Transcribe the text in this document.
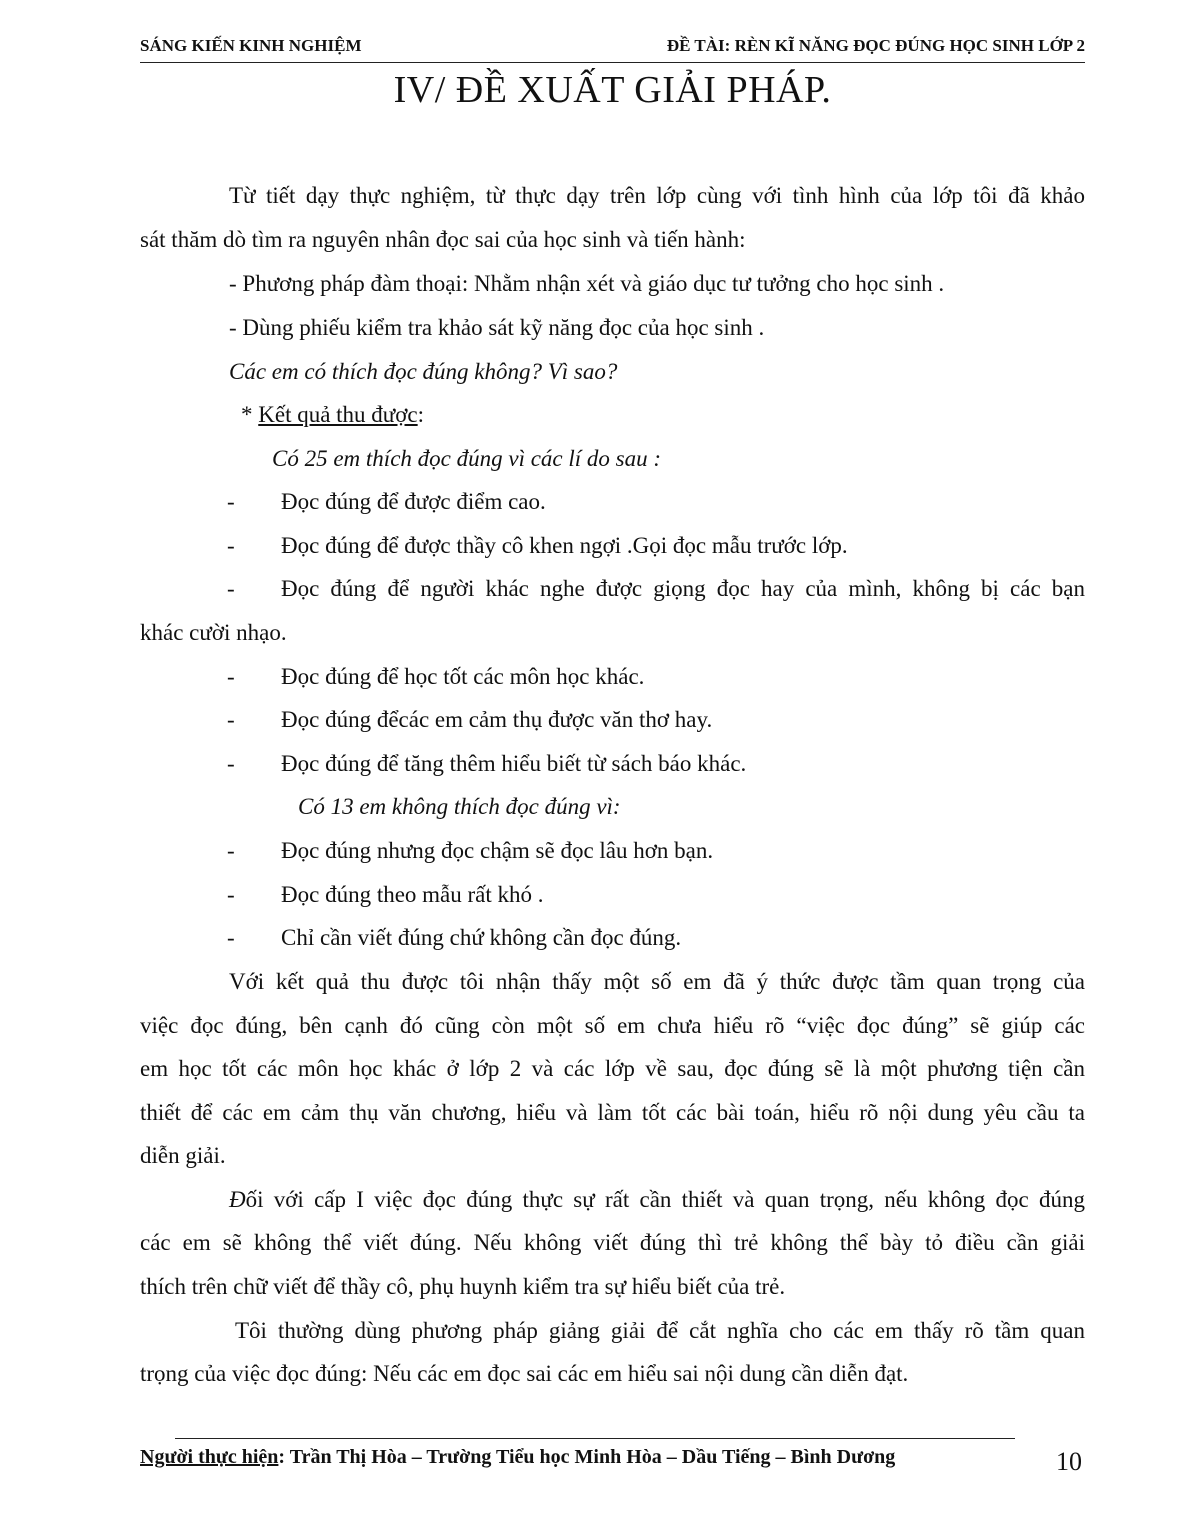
SÁNG KIẾN KINH NGHIỆM	ĐỀ TÀI: RÈN KĨ NĂNG ĐỌC ĐÚNG HỌC SINH LỚP 2
IV/ ĐỀ XUẤT GIẢI PHÁP.
Từ tiết dạy thực nghiệm, từ thực dạy trên lớp cùng với tình hình của lớp tôi đã khảo
sát thăm dò tìm ra nguyên nhân đọc sai của học sinh và tiến hành:
- Phương pháp đàm thoại: Nhằm nhận xét và giáo dục tư tưởng cho học sinh .
- Dùng phiếu kiểm tra khảo sát kỹ năng đọc của học sinh .
Các em có thích đọc đúng không? Vì sao?
* Kết quả thu được:
Có 25 em thích đọc đúng vì các lí do sau :
- Đọc đúng để được điểm cao.
- Đọc đúng để được thầy cô khen ngợi .Gọi đọc mẫu trước lớp.
- Đọc đúng để người khác nghe được giọng đọc hay của mình, không bị các bạn
khác cười nhạo.
- Đọc đúng để học tốt các môn học khác.
- Đọc đúng đểcác em cảm thụ được văn thơ hay.
- Đọc đúng để tăng thêm hiểu biết từ sách báo khác.
Có 13 em không thích đọc đúng vì:
- Đọc đúng nhưng đọc chậm sẽ đọc lâu hơn bạn.
- Đọc đúng theo mẫu rất khó .
- Chỉ cần viết đúng chứ không cần đọc đúng.
Với kết quả thu được tôi nhận thấy một số em đã ý thức được tầm quan trọng của
việc đọc đúng, bên cạnh đó cũng còn một số em chưa hiểu rõ “việc đọc đúng” sẽ giúp các
em học tốt các môn học khác ở lớp 2 và các lớp về sau, đọc đúng sẽ là một phương tiện cần
thiết để các em cảm thụ văn chương, hiểu và làm tốt các bài toán, hiểu rõ nội dung yêu cầu ta
diễn giải.
Đ ối với cấp I việc đọc đúng thực sự rất cần thiết và quan trọng, nếu không đọc đúng
các em sẽ không thể viết đúng. Nếu không viết đúng thì trẻ không thể bày tỏ điều cần giải
thích trên chữ viết để thầy cô, phụ huynh kiểm tra sự hiểu biết của trẻ.
Tôi thường dùng phương pháp giảng giải để cắt nghĩa cho các em thấy rõ tầm quan
trọng của việc đọc đúng: Nếu các em đọc sai các em hiểu sai nội dung cần diễn đạt.
Người thực hiện: Trần Thị Hòa – Trường Tiểu học Minh Hòa – Dầu Tiếng – Bình Dương	10
